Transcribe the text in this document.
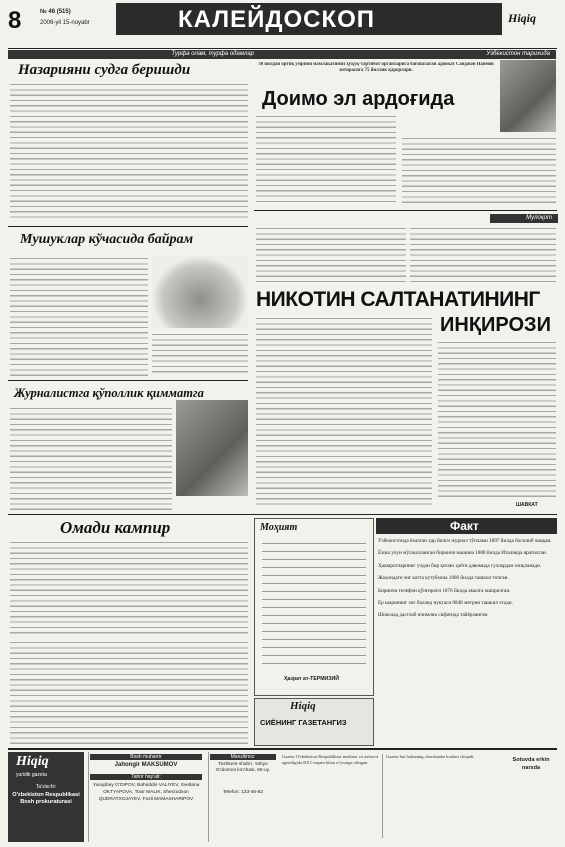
8	№ 46 (515)
2006-yil 15-noyabr	КАЛЕЙДОСКОП	Hiqiq
Турфа олам, турфа одамлар
Назарияни судга беришди
Мушуклар кўчасида байрам
Журналистга қўполлик қимматга
Ўзбекистон тарихида
30 йилдан ортиқ умрини мамлакатимиз ҳуқуқ-тартибот органларига бағишлаган адвокат Саиджон Наимов хотирасига 75 йиллик қарорлари.
Доимо эл ардоғида
Мулоқот
НИКОТИН САЛТАНАТИНИНГ
ИНҚИРОЗИ
ШАВКАТ
Омади кампир	Моҳият
Ҳазрат ат-ТЕРМИЗИЙ
Hiqiq
СИЁНИНГ ГАЗЕТАНГИЗ
Факт
Ўзбекистонда ёзилган ҳар йилги журнал тўплами 1897 йилда босилиб чиққан.
Ёзиш учун мўлжалланган биринчи машина 1808 йилда Италияда яратилган.
Ҳашаротларнинг учдан бир қисми ҳаёти давомида гуллардан озиқланади.
Жаҳондаги энг катта кутубхона 1800 йилда ташкил топган.
Биринчи телефон қўнғироғи 1876 йилда амалга оширилган.
Ер шарининг энг баланд нуқтаси 8848 метрни ташкил этади.
Шоколад дастлаб ичимлик сифатида тайёрланган.
Hiqiq
yuridik gazeta
Ta'sischi:
O'zbekiston Respublikasi Bosh prokuraturasi
Bosh muharrir
Jahongir MAKSUMOV
Tahrir hay'ati:
Yusupbey G'OIPOV, Bahriddin VALIYEV, Svetlana OKTYAPOVA, Toxir MALIK, Sherzodxon QUDRATXOJAYEV, Fozil MAMASHARIPOV
Manzilimiz:
Toshkent shahri, Yahyo G'ulomov ko'chasi, 66-uy.
Telefon: 133-46-82
Gazeta O'zbekiston Respublikasi matbuot va axborot agentligida 0011-raqam bilan ro'yxatga olingan.
Gazeta har haftaning chorshanba kunlari chiqadi.
Sotuvda erkin narxda
